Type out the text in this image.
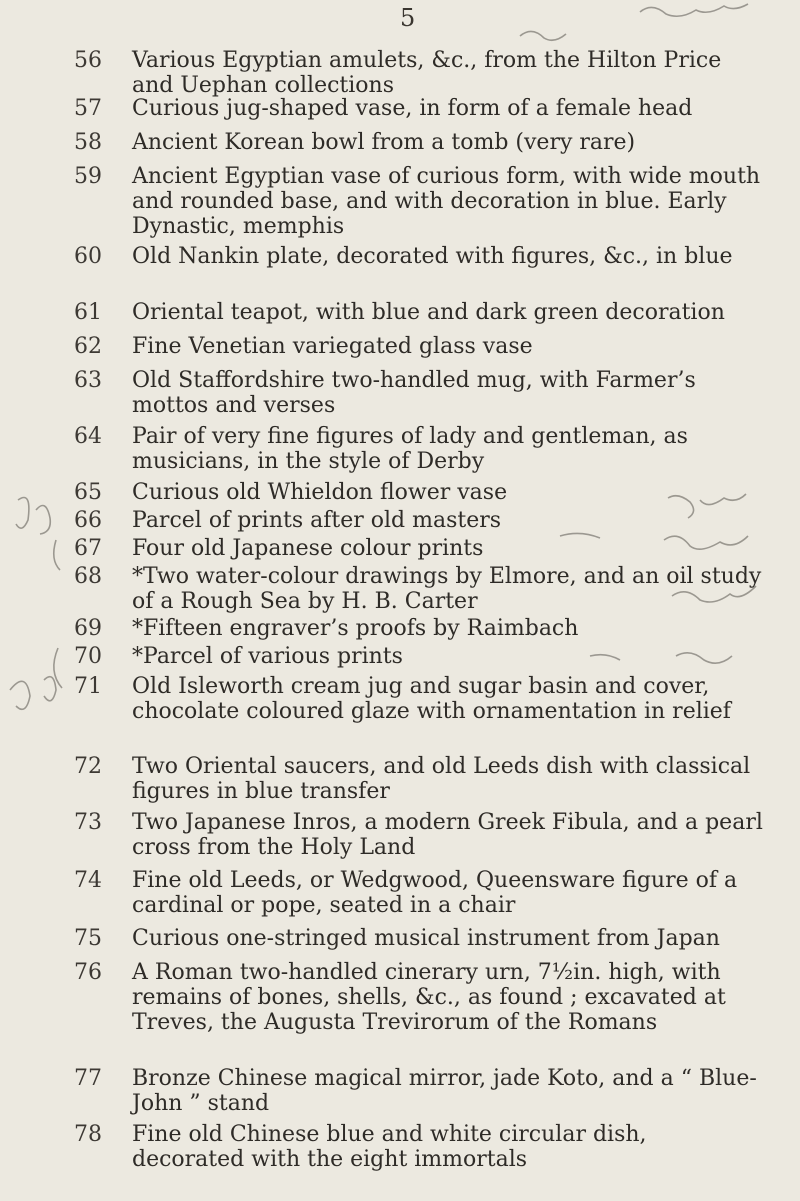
5
56	Various Egyptian amulets, &c., from the Hilton Price and Uephan collections
57	Curious jug-shaped vase, in form of a female head
58	Ancient Korean bowl from a tomb (very rare)
59	Ancient Egyptian vase of curious form, with wide mouth and rounded base, and with decoration in blue. Early Dynastic, memphis
60	Old Nankin plate, decorated with figures, &c., in blue
61	Oriental teapot, with blue and dark green decoration
62	Fine Venetian variegated glass vase
63	Old Staffordshire two-handled mug, with Farmer’s mottos and verses
64	Pair of very fine figures of lady and gentleman, as musicians, in the style of Derby
65	Curious old Whieldon flower vase
66	Parcel of prints after old masters
67	Four old Japanese colour prints
68	*Two water-colour drawings by Elmore, and an oil study of a Rough Sea by H. B. Carter
69	*Fifteen engraver’s proofs by Raimbach
70	*Parcel of various prints
71	Old Isleworth cream jug and sugar basin and cover, chocolate coloured glaze with ornamentation in relief
72	Two Oriental saucers, and old Leeds dish with classical figures in blue transfer
73	Two Japanese Inros, a modern Greek Fibula, and a pearl cross from the Holy Land
74	Fine old Leeds, or Wedgwood, Queensware figure of a cardinal or pope, seated in a chair
75	Curious one-stringed musical instrument from Japan
76	A Roman two-handled cinerary urn, 7½in. high, with remains of bones, shells, &c., as found ; excavated at Treves, the Augusta Trevirorum of the Romans
77	Bronze Chinese magical mirror, jade Koto, and a “ Blue-John ” stand
78	Fine old Chinese blue and white circular dish, decorated with the eight immortals
